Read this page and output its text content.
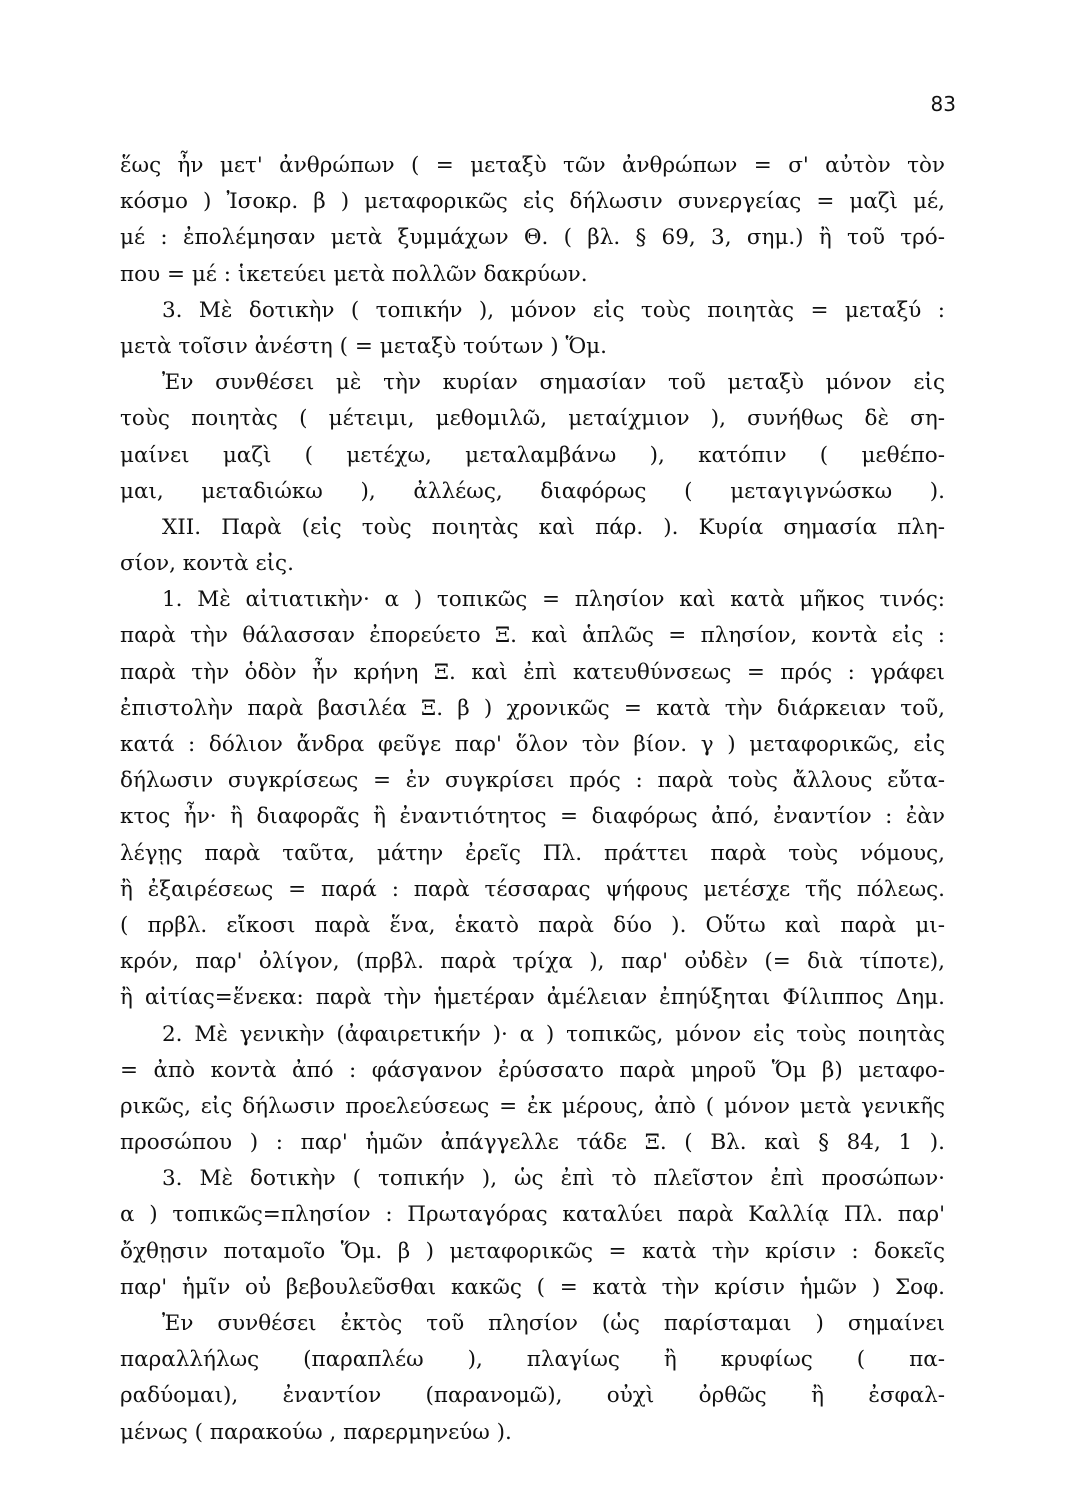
83
ἕως ἦν μετ' ἀνθρώπων ( = μεταξὺ τῶν ἀνθρώπων = σ' αὐτὸν τὸν
κόσμο ) Ἰσοκρ. β ) μεταφορικῶς εἰς δήλωσιν συνεργείας = μαζὶ μέ,
μέ : ἐπολέμησαν μετὰ ξυμμάχων Θ. ( βλ. § 69, 3, σημ.) ἢ τοῦ τρό-
που = μέ : ἱκετεύει μετὰ πολλῶν δακρύων.
3. Μὲ δοτικὴν ( τοπικήν ), μόνον εἰς τοὺς ποιητὰς = μεταξύ :
μετὰ τοῖσιν ἀνέστη ( = μεταξὺ τούτων ) Ὅμ.
Ἐν συνθέσει μὲ τὴν κυρίαν σημασίαν τοῦ μεταξὺ μόνον εἰς
τοὺς ποιητὰς ( μέτειμι, μεθομιλῶ, μεταίχμιον ), συνήθως δὲ ση-
μαίνει μαζὶ ( μετέχω, μεταλαμβάνω ), κατόπιν ( μεθέπο-
μαι, μεταδιώκω ), ἀλλέως, διαφόρως ( μεταγιγνώσκω ).
XII. Παρὰ (εἰς τοὺς ποιητὰς καὶ πάρ. ). Κυρία σημασία πλη-
σίον, κοντὰ εἰς.
1. Μὲ αἰτιατικὴν· α ) τοπικῶς = πλησίον καὶ κατὰ μῆκος τινός:
παρὰ τὴν θάλασσαν ἐπορεύετο Ξ. καὶ ἁπλῶς = πλησίον, κοντὰ εἰς :
παρὰ τὴν ὁδὸν ἦν κρήνη Ξ. καὶ ἐπὶ κατευθύνσεως = πρός : γράφει
ἐπιστολὴν παρὰ βασιλέα Ξ. β ) χρονικῶς = κατὰ τὴν διάρκειαν τοῦ,
κατά : δόλιον ἄνδρα φεῦγε παρ' ὅλον τὸν βίον. γ ) μεταφορικῶς, εἰς
δήλωσιν συγκρίσεως = ἐν συγκρίσει πρός : παρὰ τοὺς ἄλλους εὔτα-
κτος ἦν· ἢ διαφορᾶς ἢ ἐναντιότητος = διαφόρως ἀπό, ἐναντίον : ἐὰν
λέγῃς παρὰ ταῦτα, μάτην ἐρεῖς Πλ. πράττει παρὰ τοὺς νόμους,
ἢ ἐξαιρέσεως = παρά : παρὰ τέσσαρας ψήφους μετέσχε τῆς πόλεως.
( πρβλ. εἴκοσι παρὰ ἕνα, ἑκατὸ παρὰ δύο ). Οὕτω καὶ παρὰ μι-
κρόν, παρ' ὀλίγον, (πρβλ. παρὰ τρίχα ), παρ' οὐδὲν (= διὰ τίποτε),
ἢ αἰτίας=ἕνεκα: παρὰ τὴν ἡμετέραν ἀμέλειαν ἐπηύξηται Φίλιππος Δημ.
2. Μὲ γενικὴν (ἀφαιρετικήν )· α ) τοπικῶς, μόνον εἰς τοὺς ποιητὰς
= ἀπὸ κοντὰ ἀπό : φάσγανον ἐρύσσατο παρὰ μηροῦ Ὅμ β) μεταφο-
ρικῶς, εἰς δήλωσιν προελεύσεως = ἐκ μέρους, ἀπὸ ( μόνον μετὰ γενικῆς
προσώπου ) : παρ' ἡμῶν ἀπάγγελλε τάδε Ξ. ( Βλ. καὶ § 84, 1 ).
3. Μὲ δοτικὴν ( τοπικήν ), ὡς ἐπὶ τὸ πλεῖστον ἐπὶ προσώπων·
α ) τοπικῶς=πλησίον : Πρωταγόρας καταλύει παρὰ Καλλίᾳ Πλ. παρ'
ὄχθῃσιν ποταμοῖο Ὅμ. β ) μεταφορικῶς = κατὰ τὴν κρίσιν : δοκεῖς
παρ' ἡμῖν οὐ βεβουλεῦσθαι κακῶς ( = κατὰ τὴν κρίσιν ἡμῶν ) Σοφ.
Ἐν συνθέσει ἐκτὸς τοῦ πλησίον (ὡς παρίσταμαι ) σημαίνει
παραλλήλως (παραπλέω ), πλαγίως ἢ κρυφίως ( πα-
ραδύομαι), ἐναντίον (παρανομῶ), οὐχὶ ὀρθῶς ἢ ἐσφαλ-
μένως ( παρακούω , παρερμηνεύω ).
